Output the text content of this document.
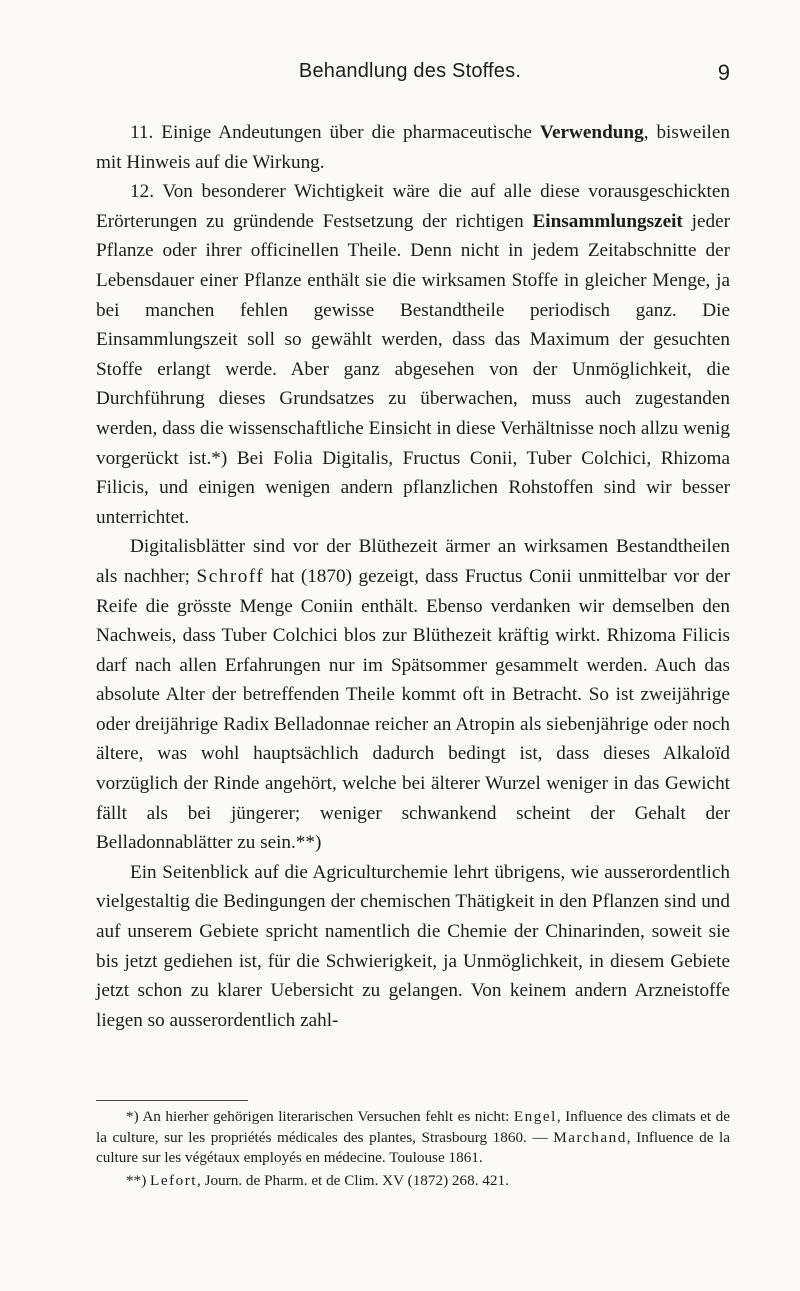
Behandlung des Stoffes.	9

11. Einige Andeutungen über die pharmaceutische Verwendung, bisweilen mit Hinweis auf die Wirkung.

12. Von besonderer Wichtigkeit wäre die auf alle diese vorausgeschickten Erörterungen zu gründende Festsetzung der richtigen Einsammlungszeit jeder Pflanze oder ihrer officinellen Theile. Denn nicht in jedem Zeitabschnitte der Lebensdauer einer Pflanze enthält sie die wirksamen Stoffe in gleicher Menge, ja bei manchen fehlen gewisse Bestandtheile periodisch ganz. Die Einsammlungszeit soll so gewählt werden, dass das Maximum der gesuchten Stoffe erlangt werde. Aber ganz abgesehen von der Unmöglichkeit, die Durchführung dieses Grundsatzes zu überwachen, muss auch zugestanden werden, dass die wissenschaftliche Einsicht in diese Verhältnisse noch allzu wenig vorgerückt ist.*) Bei Folia Digitalis, Fructus Conii, Tuber Colchici, Rhizoma Filicis, und einigen wenigen andern pflanzlichen Rohstoffen sind wir besser unterrichtet.

Digitalisblätter sind vor der Blüthezeit ärmer an wirksamen Bestandtheilen als nachher; Schroff hat (1870) gezeigt, dass Fructus Conii unmittelbar vor der Reife die grösste Menge Coniin enthält. Ebenso verdanken wir demselben den Nachweis, dass Tuber Colchici blos zur Blüthezeit kräftig wirkt. Rhizoma Filicis darf nach allen Erfahrungen nur im Spätsommer gesammelt werden. Auch das absolute Alter der betreffenden Theile kommt oft in Betracht. So ist zweijährige oder dreijährige Radix Belladonnae reicher an Atropin als siebenjährige oder noch ältere, was wohl hauptsächlich dadurch bedingt ist, dass dieses Alkaloïd vorzüglich der Rinde angehört, welche bei älterer Wurzel weniger in das Gewicht fällt als bei jüngerer; weniger schwankend scheint der Gehalt der Belladonnablätter zu sein.**)

Ein Seitenblick auf die Agriculturchemie lehrt übrigens, wie ausserordentlich vielgestaltig die Bedingungen der chemischen Thätigkeit in den Pflanzen sind und auf unserem Gebiete spricht namentlich die Chemie der Chinarinden, soweit sie bis jetzt gediehen ist, für die Schwierigkeit, ja Unmöglichkeit, in diesem Gebiete jetzt schon zu klarer Uebersicht zu gelangen. Von keinem andern Arzneistoffe liegen so ausserordentlich zahl-

*) An hierher gehörigen literarischen Versuchen fehlt es nicht: Engel, Influence des climats et de la culture, sur les propriétés médicales des plantes, Strasbourg 1860. — Marchand, Influence de la culture sur les végétaux employés en médecine. Toulouse 1861.

**) Lefort, Journ. de Pharm. et de Clim. XV (1872) 268. 421.
